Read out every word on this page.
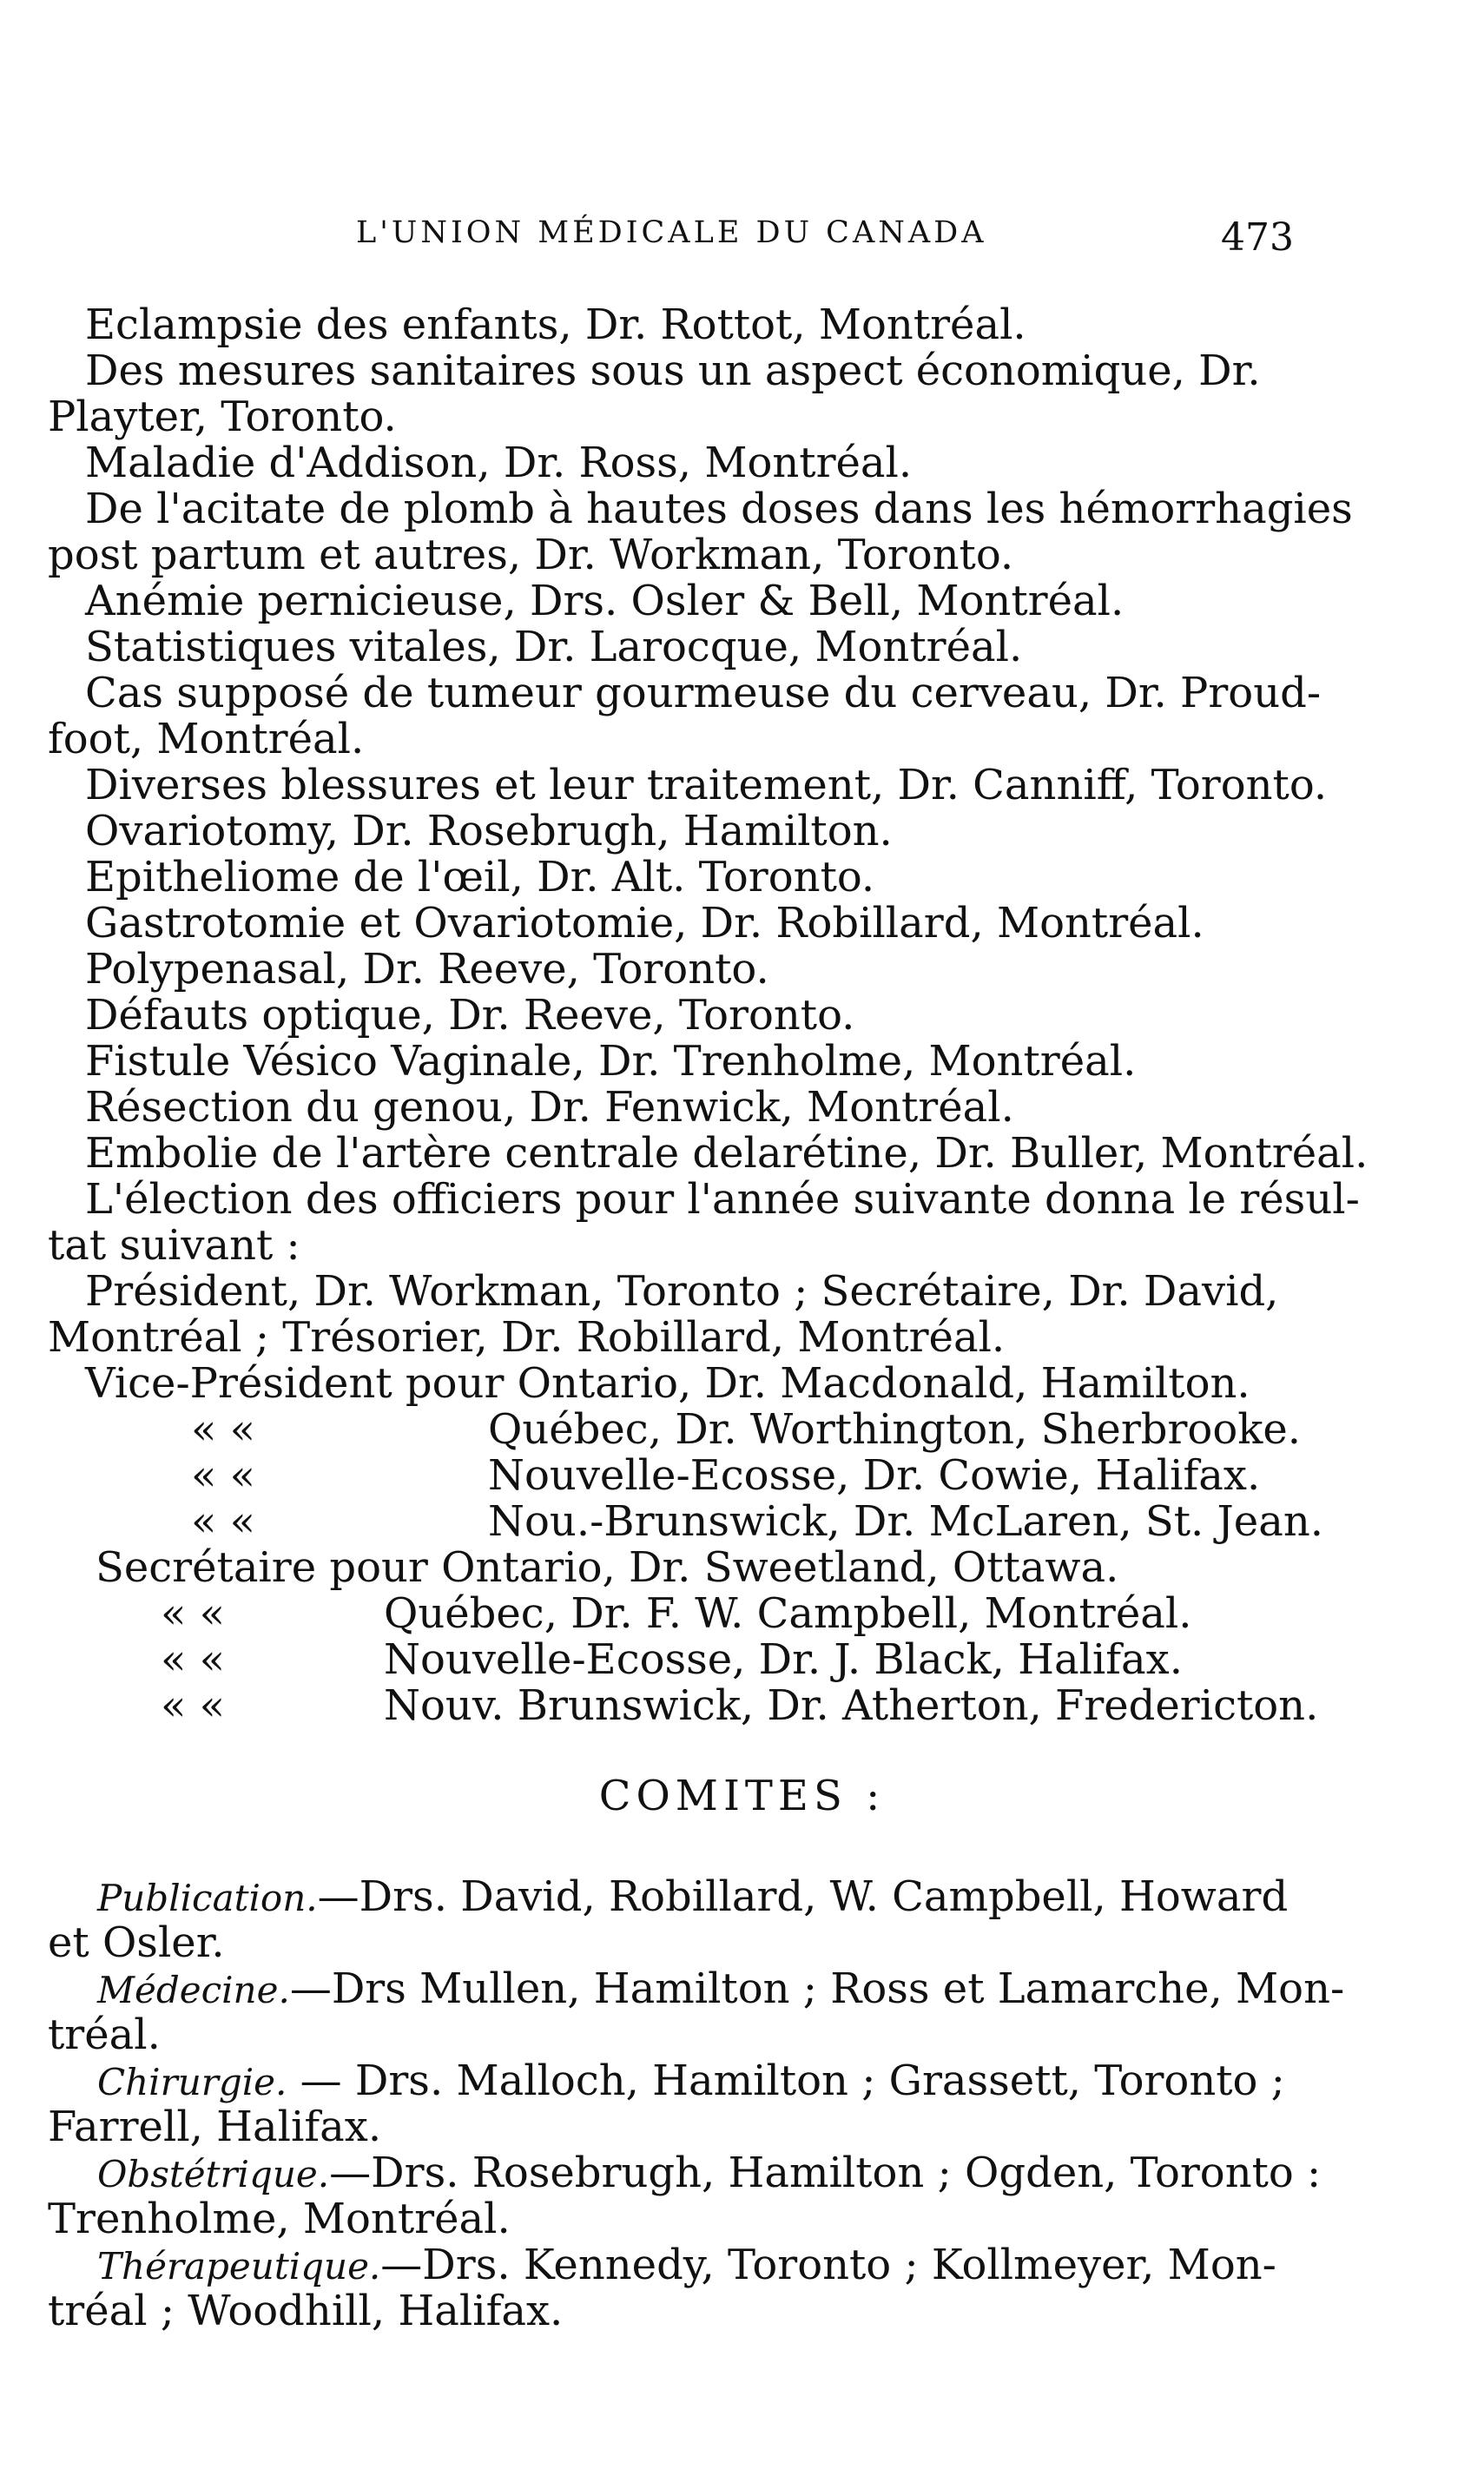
L'UNION MÉDICALE DU CANADA	473
Eclampsie des enfants, Dr. Rottot, Montréal.
Des mesures sanitaires sous un aspect économique, Dr.
Playter, Toronto.
Maladie d'Addison, Dr. Ross, Montréal.
De l'acitate de plomb à hautes doses dans les hémorrhagies
post partum et autres, Dr. Workman, Toronto.
Anémie pernicieuse, Drs. Osler & Bell, Montréal.
Statistiques vitales, Dr. Larocque, Montréal.
Cas supposé de tumeur gourmeuse du cerveau, Dr. Proud-
foot, Montréal.
Diverses blessures et leur traitement, Dr. Canniff, Toronto.
Ovariotomy, Dr. Rosebrugh, Hamilton.
Epitheliome de l'œil, Dr. Alt. Toronto.
Gastrotomie et Ovariotomie, Dr. Robillard, Montréal.
Polypenasal, Dr. Reeve, Toronto.
Défauts optique, Dr. Reeve, Toronto.
Fistule Vésico Vaginale, Dr. Trenholme, Montréal.
Résection du genou, Dr. Fenwick, Montréal.
Embolie de l'artère centrale delarétine, Dr. Buller, Montréal.
L'élection des officiers pour l'année suivante donna le résul-
tat suivant :
Président, Dr. Workman, Toronto ; Secrétaire, Dr. David,
Montréal ; Trésorier, Dr. Robillard, Montréal.
Vice-Président pour Ontario, Dr. Macdonald, Hamilton.
« «	Québec, Dr. Worthington, Sherbrooke.
« «	Nouvelle-Ecosse, Dr. Cowie, Halifax.
« «	Nou.-Brunswick, Dr. McLaren, St. Jean.
Secrétaire pour Ontario, Dr. Sweetland, Ottawa.
« «	Québec, Dr. F. W. Campbell, Montréal.
« «	Nouvelle-Ecosse, Dr. J. Black, Halifax.
« «	Nouv. Brunswick, Dr. Atherton, Fredericton.
COMITES :
Publication.—Drs. David, Robillard, W. Campbell, Howard
et Osler.
Médecine.—Drs Mullen, Hamilton ; Ross et Lamarche, Mon-
tréal.
Chirurgie. — Drs. Malloch, Hamilton ; Grassett, Toronto ;
Farrell, Halifax.
Obstétrique.—Drs. Rosebrugh, Hamilton ; Ogden, Toronto :
Trenholme, Montréal.
Thérapeutique.—Drs. Kennedy, Toronto ; Kollmeyer, Mon-
tréal ; Woodhill, Halifax.
